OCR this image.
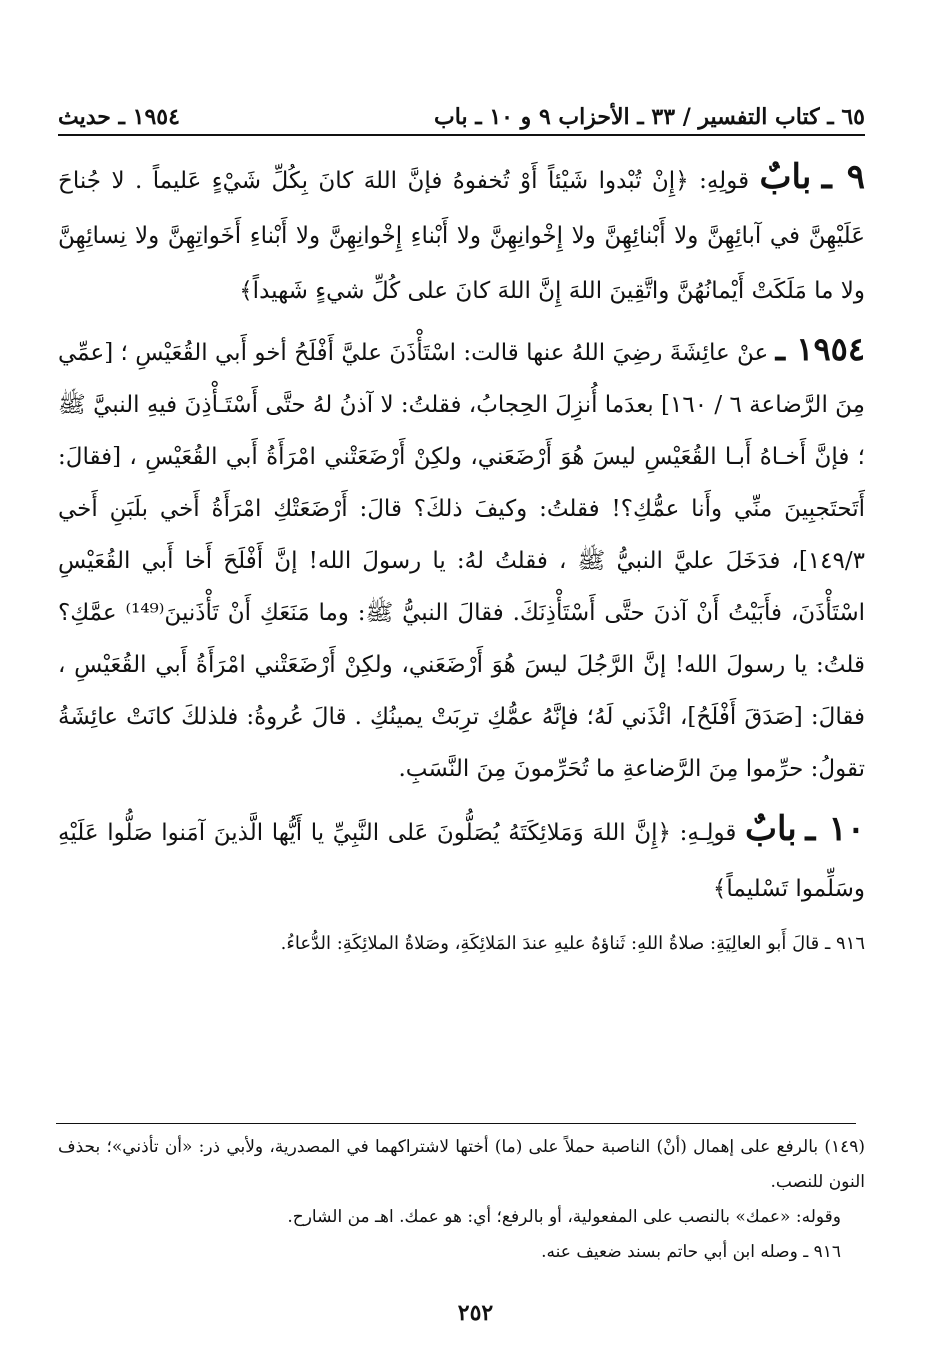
٦٥ ـ كتاب التفسير / ٣٣ ـ الأحزاب ٩ و ١٠ ـ باب
١٩٥٤ ـ حديث
٩ ـ بابٌ قولِهِ: ﴿إِنْ تُبْدوا شَيْئاً أَوْ تُخفوهُ فإنَّ اللهَ كانَ بِكُلِّ شَيْءٍ عَليماً . لا جُناحَ عَلَيْهِنَّ في آبائِهِنَّ ولا أَبْنائِهِنَّ ولا إِخْوانِهِنَّ ولا أَبْناءِ إِخْوانِهِنَّ ولا أَبْناءِ أَخَواتِهِنَّ ولا نِسائِهِنَّ ولا ما مَلَكَتْ أَيْمانُهُنَّ واتَّقِينَ اللهَ إِنَّ اللهَ كانَ على كُلِّ شيءٍ شَهيداً﴾
١٩٥٤ ـ عنْ عائِشَةَ رضِيَ اللهُ عنها قالت: اسْتَأْذَنَ عليَّ أَفْلَحُ أخو أَبي القُعَيْسِ ؛ [عمِّي مِنَ الرَّضاعة ٦ / ١٦٠] بعدَما أُنزِلَ الحِجابُ، فقلتُ: لا آذنُ لهُ حتَّى أَسْتَـأْذِنَ فيهِ النبيَّ ﷺ ؛ فإنَّ أَخـاهُ أَبـا القُعَيْسِ ليسَ هُوَ أَرْضَعَني، ولكِنْ أَرْضَعَتْني امْرَأَةُ أَبي القُعَيْسِ ، [فقالَ: أَتَحتَجبِينَ منِّي وأَنا عمُّكِ؟! فقلتُ: وكيفَ ذلكَ؟ قالَ: أَرْضَعَتْكِ امْرَأَةُ أَخي بلَبَنِ أَخي ١٤٩/٣]، فدَخَلَ عليَّ النبيُّ ﷺ ، فقلتُ لهُ: يا رسولَ الله! إنَّ أَفْلَحَ أَخا أَبي القُعَيْسِ اسْتَأْذَنَ، فأَبَيْتُ أَنْ آذنَ حتَّى أَسْتَأْذِنَكَ. فقالَ النبيُّ ﷺ: وما مَنَعَكِ أَنْ تَأْذَنينَ⁽¹⁴⁹⁾ عمَّكِ؟ قلتُ: يا رسولَ الله! إنَّ الرَّجُلَ ليسَ هُوَ أَرْضَعَني، ولكِنْ أَرْضَعَتْني امْرَأَةُ أَبي القُعَيْسِ ، فقالَ: [صَدَقَ أَفْلَحُ]، ائْذَني لَهُ؛ فإنَّهُ عمُّكِ ترِبَتْ يمينُكِ . قالَ عُروةُ: فلذلكَ كانَتْ عائِشَةُ تقولُ: حرِّموا مِنَ الرَّضاعةِ ما تُحَرِّمونَ مِنَ النَّسَبِ.
١٠ ـ بابٌ قولِـهِ: ﴿إِنَّ اللهَ وَمَلائِكَتَهُ يُصَلُّونَ عَلى النَّبِيِّ يا أَيُّها الَّذينَ آمَنوا صَلُّوا عَلَيْهِ وسَلِّموا تَسْليماً﴾
٩١٦ ـ قالَ أَبو العالِيَةِ: صلاةُ اللهِ: ثَناؤهُ عليهِ عندَ المَلائِكَةِ، وصَلاةُ الملائِكَةِ: الدُّعاءُ.
(١٤٩) بالرفع على إهمال (أنْ) الناصبة حملاً على (ما) أختها لاشتراكهما في المصدرية، ولأبي ذر: «أن تأذني»؛ بحذف النون للنصب.
وقوله: «عمك» بالنصب على المفعولية، أو بالرفع؛ أي: هو عمك. اهـ من الشارح.
٩١٦ ـ وصله ابن أبي حاتم بسند ضعيف عنه.
٢٥٢
